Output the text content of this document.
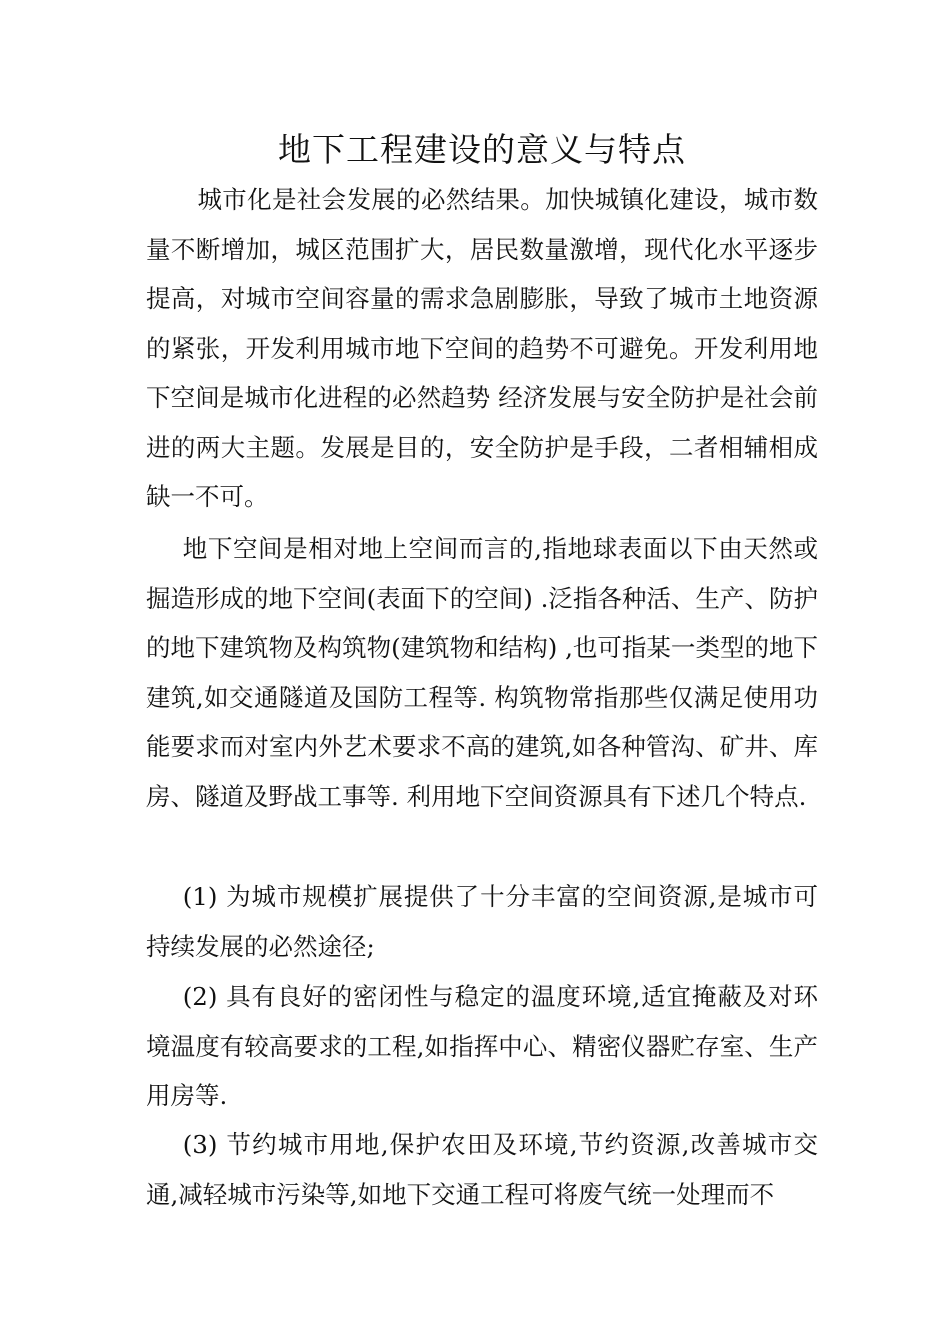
地下工程建设的意义与特点

城市化是社会发展的必然结果。加快城镇化建设，城市数量不断增加，城区范围扩大，居民数量激增，现代化水平逐步提高，对城市空间容量的需求急剧膨胀，导致了城市土地资源的紧张，开发利用城市地下空间的趋势不可避免。开发利用地下空间是城市化进程的必然趋势 经济发展与安全防护是社会前进的两大主题。发展是目的，安全防护是手段，二者相辅相成缺一不可。

地下空间是相对地上空间而言的,指地球表面以下由天然或掘造形成的地下空间(表面下的空间) .泛指各种活、生产、防护的地下建筑物及构筑物(建筑物和结构) ,也可指某一类型的地下建筑,如交通隧道及国防工程等. 构筑物常指那些仅满足使用功能要求而对室内外艺术要求不高的建筑,如各种管沟、矿井、库房、隧道及野战工事等. 利用地下空间资源具有下述几个特点.

(1) 为城市规模扩展提供了十分丰富的空间资源,是城市可持续发展的必然途径;

(2) 具有良好的密闭性与稳定的温度环境,适宜掩蔽及对环境温度有较高要求的工程,如指挥中心、精密仪器贮存室、生产用房等.

(3) 节约城市用地,保护农田及环境,节约资源,改善城市交通,减轻城市污染等,如地下交通工程可将废气统一处理而不
